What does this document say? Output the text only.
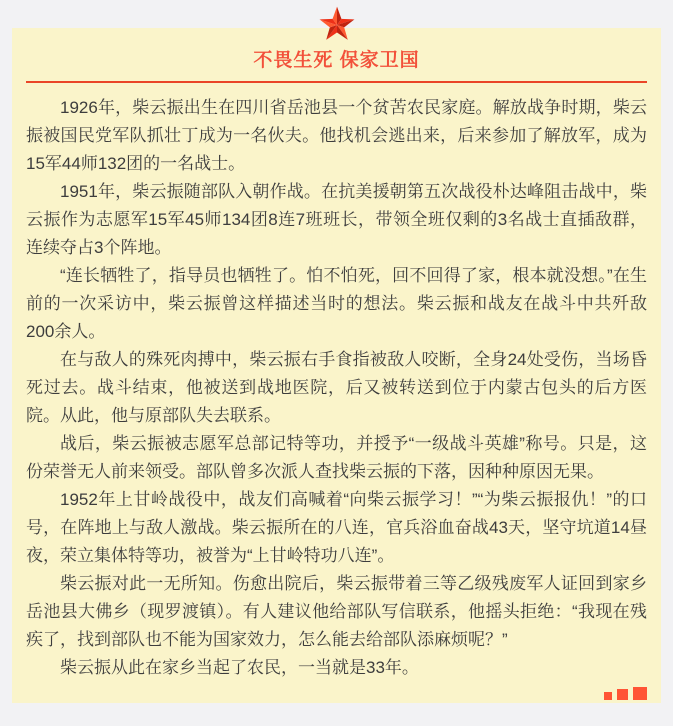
不畏生死 保家卫国

1926年，柴云振出生在四川省岳池县一个贫苦农民家庭。解放战争时期，柴云振被国民党军队抓壮丁成为一名伙夫。他找机会逃出来，后来参加了解放军，成为15军44师132团的一名战士。

1951年，柴云振随部队入朝作战。在抗美援朝第五次战役朴达峰阻击战中，柴云振作为志愿军15军45师134团8连7班班长，带领全班仅剩的3名战士直插敌群，连续夺占3个阵地。

“连长牺牲了，指导员也牺牲了。怕不怕死，回不回得了家，根本就没想。”在生前的一次采访中，柴云振曾这样描述当时的想法。柴云振和战友在战斗中共歼敌200余人。

在与敌人的殊死肉搏中，柴云振右手食指被敌人咬断，全身24处受伤，当场昏死过去。战斗结束，他被送到战地医院，后又被转送到位于内蒙古包头的后方医院。从此，他与原部队失去联系。

战后，柴云振被志愿军总部记特等功，并授予“一级战斗英雄”称号。只是，这份荣誉无人前来领受。部队曾多次派人查找柴云振的下落，因种种原因无果。

1952年上甘岭战役中，战友们高喊着“向柴云振学习！”“为柴云振报仇！”的口号，在阵地上与敌人激战。柴云振所在的八连，官兵浴血奋战43天，坚守坑道14昼夜，荣立集体特等功，被誉为“上甘岭特功八连”。

柴云振对此一无所知。伤愈出院后，柴云振带着三等乙级残废军人证回到家乡岳池县大佛乡（现罗渡镇）。有人建议他给部队写信联系，他摇头拒绝：“我现在残疾了，找到部队也不能为国家效力，怎么能去给部队添麻烦呢？”

柴云振从此在家乡当起了农民，一当就是33年。
